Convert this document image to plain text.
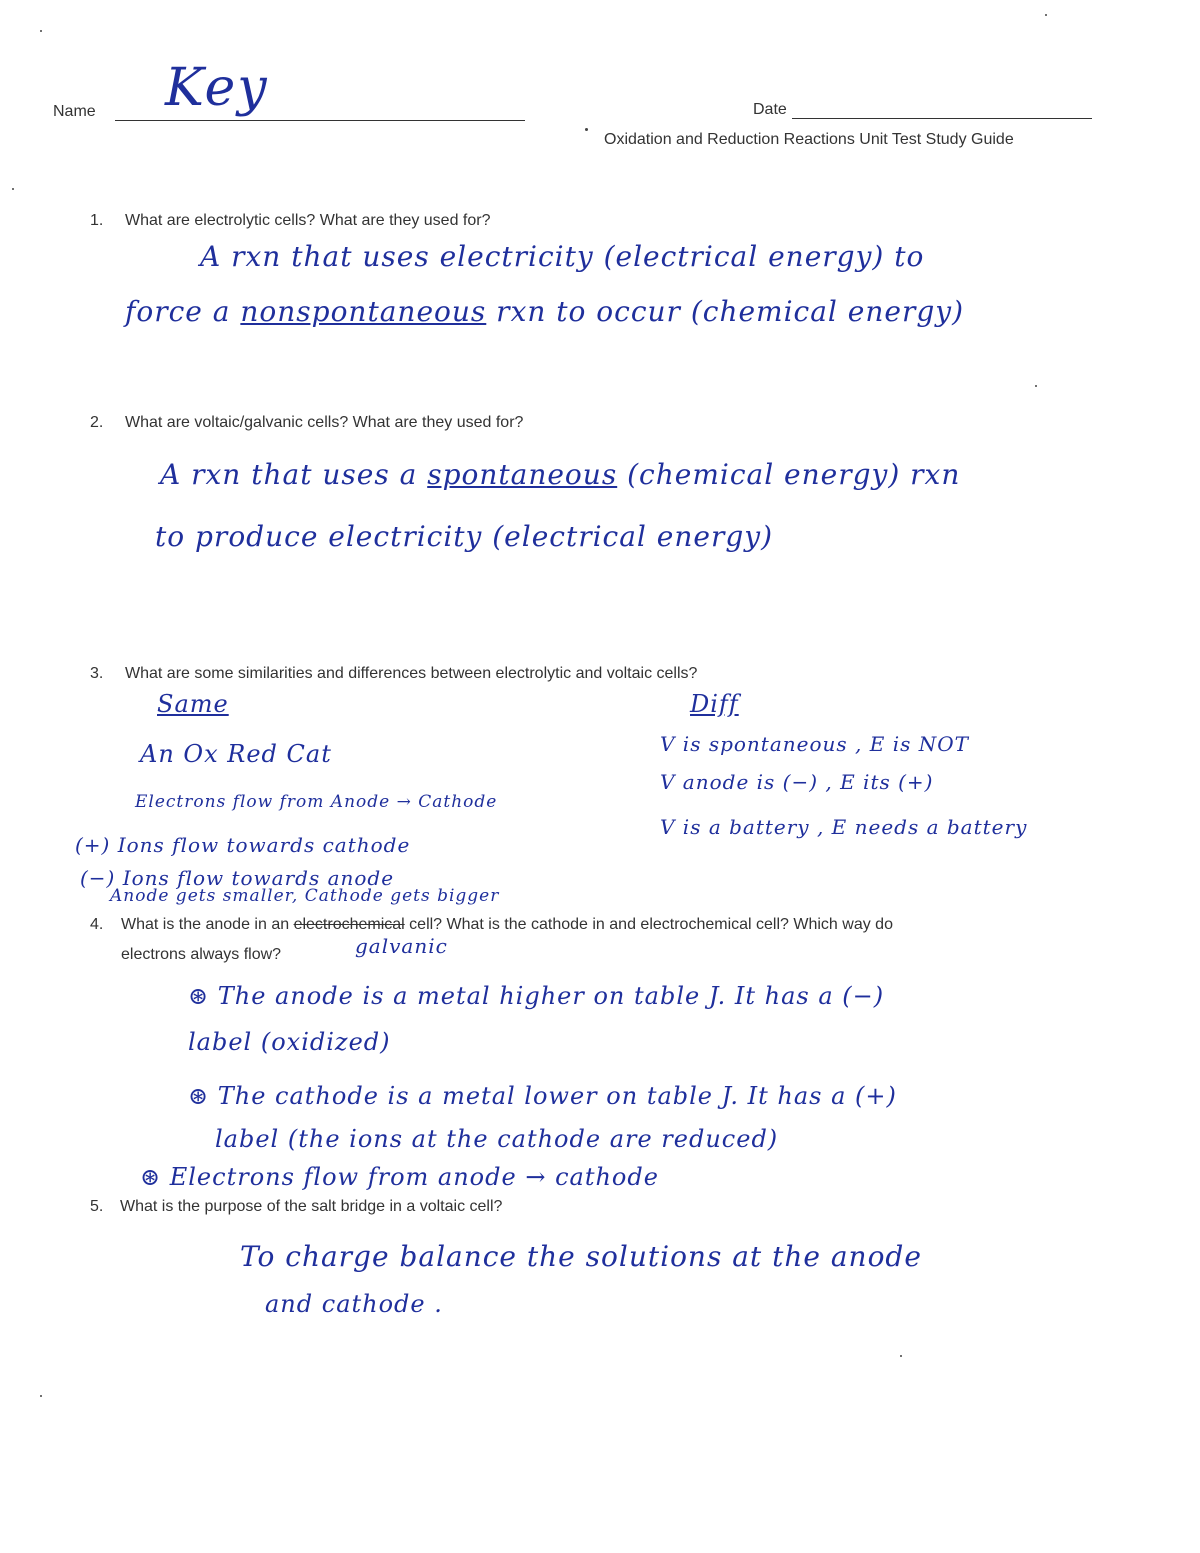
Name Key	Date
Oxidation and Reduction Reactions Unit Test Study Guide
1. What are electrolytic cells? What are they used for?
A rxn that uses electricity (electrical energy) to
force a nonspontaneous rxn to occur (chemical energy)
2. What are voltaic/galvanic cells? What are they used for?
A rxn that uses a spontaneous (chemical energy) rxn
to produce electricity (electrical energy)
3. What are some similarities and differences between electrolytic and voltaic cells?
Same
An Ox Red Cat
Electrons flow from Anode → Cathode
(+) Ions flow towards cathode
(−) Ions flow towards anode
Anode gets smaller, Cathode gets bigger
Diff
V is spontaneous , E is NOT
V anode is (−) , E its (+)
V is a battery , E needs a battery
4. What is the anode in an electrochemical cell? What is the cathode in and electrochemical cell? Which way do
electrons always flow?	galvanic
⊛ The anode is a metal higher on table J. It has a (−)
label (oxidized)
⊛ The cathode is a metal lower on table J. It has a (+)
label (the ions at the cathode are reduced)
⊛ Electrons flow from anode → cathode
5. What is the purpose of the salt bridge in a voltaic cell?
To charge balance the solutions at the anode
and cathode .
